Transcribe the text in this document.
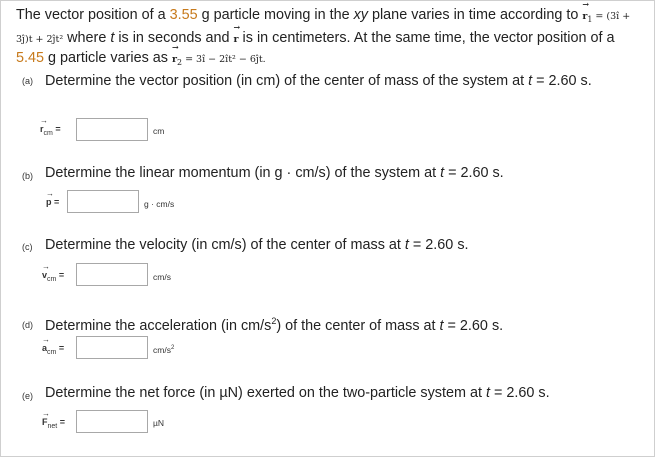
The vector position of a 3.55 g particle moving in the xy plane varies in time according to → $r_1$ = (3î + 3ĵ)t + 2ĵt² where t is in seconds and → r is in centimeters. At the same time, the vector position of a 5.45 g particle varies as → $r_2$ = 3î − 2ît² − 6ĵt.
(a) Determine the vector position (in cm) of the center of mass of the system at t = 2.60 s.
→ $r_{cm}$ =	cm
(b) Determine the linear momentum (in g · cm/s) of the system at t = 2.60 s.
→ p =	g · cm/s
(c) Determine the velocity (in cm/s) of the center of mass at t = 2.60 s.
→ $v_{cm}$ =	cm/s
(d) Determine the acceleration (in $cm/s^2$) of the center of mass at t = 2.60 s.
→ $a_{cm}$ =	$cm/s^2$
(e) Determine the net force (in µN) exerted on the two-particle system at t = 2.60 s.
→ $F_{net}$ =	µN
